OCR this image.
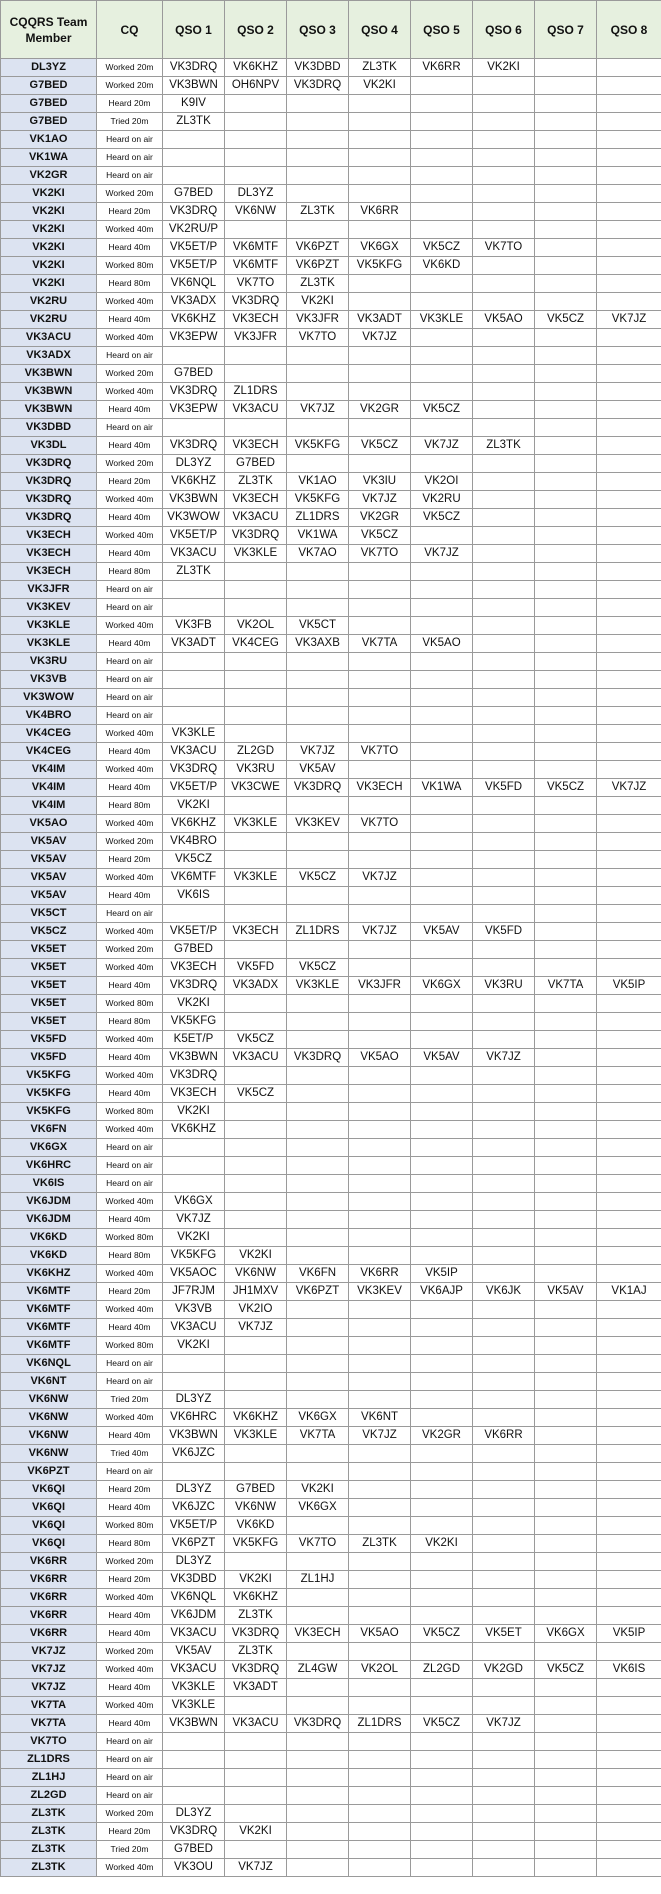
CQQRS Team Member	CQ	QSO 1	QSO 2	QSO 3	QSO 4	QSO 5	QSO 6	QSO 7	QSO 8
DL3YZ	Worked 20m	VK3DRQ	VK6KHZ	VK3DBD	ZL3TK	VK6RR	VK2KI		
G7BED	Worked 20m	VK3BWN	OH6NPV	VK3DRQ	VK2KI				
G7BED	Heard 20m	K9IV							
G7BED	Tried 20m	ZL3TK							
VK1AO	Heard on air								
VK1WA	Heard on air								
VK2GR	Heard on air								
VK2KI	Worked 20m	G7BED	DL3YZ						
VK2KI	Heard 20m	VK3DRQ	VK6NW	ZL3TK	VK6RR				
VK2KI	Worked 40m	VK2RU/P							
VK2KI	Heard 40m	VK5ET/P	VK6MTF	VK6PZT	VK6GX	VK5CZ	VK7TO		
VK2KI	Worked 80m	VK5ET/P	VK6MTF	VK6PZT	VK5KFG	VK6KD			
VK2KI	Heard 80m	VK6NQL	VK7TO	ZL3TK					
VK2RU	Worked 40m	VK3ADX	VK3DRQ	VK2KI					
VK2RU	Heard 40m	VK6KHZ	VK3ECH	VK3JFR	VK3ADT	VK3KLE	VK5AO	VK5CZ	VK7JZ
VK3ACU	Worked 40m	VK3EPW	VK3JFR	VK7TO	VK7JZ				
VK3ADX	Heard on air								
VK3BWN	Worked 20m	G7BED							
VK3BWN	Worked 40m	VK3DRQ	ZL1DRS						
VK3BWN	Heard 40m	VK3EPW	VK3ACU	VK7JZ	VK2GR	VK5CZ			
VK3DBD	Heard on air								
VK3DL	Heard 40m	VK3DRQ	VK3ECH	VK5KFG	VK5CZ	VK7JZ	ZL3TK		
VK3DRQ	Worked 20m	DL3YZ	G7BED						
VK3DRQ	Heard 20m	VK6KHZ	ZL3TK	VK1AO	VK3IU	VK2OI			
VK3DRQ	Worked 40m	VK3BWN	VK3ECH	VK5KFG	VK7JZ	VK2RU			
VK3DRQ	Heard 40m	VK3WOW	VK3ACU	ZL1DRS	VK2GR	VK5CZ			
VK3ECH	Worked 40m	VK5ET/P	VK3DRQ	VK1WA	VK5CZ				
VK3ECH	Heard 40m	VK3ACU	VK3KLE	VK7AO	VK7TO	VK7JZ			
VK3ECH	Heard 80m	ZL3TK							
VK3JFR	Heard on air								
VK3KEV	Heard on air								
VK3KLE	Worked 40m	VK3FB	VK2OL	VK5CT					
VK3KLE	Heard 40m	VK3ADT	VK4CEG	VK3AXB	VK7TA	VK5AO			
VK3RU	Heard on air								
VK3VB	Heard on air								
VK3WOW	Heard on air								
VK4BRO	Heard on air								
VK4CEG	Worked 40m	VK3KLE							
VK4CEG	Heard 40m	VK3ACU	ZL2GD	VK7JZ	VK7TO				
VK4IM	Worked 40m	VK3DRQ	VK3RU	VK5AV					
VK4IM	Heard 40m	VK5ET/P	VK3CWE	VK3DRQ	VK3ECH	VK1WA	VK5FD	VK5CZ	VK7JZ
VK4IM	Heard 80m	VK2KI							
VK5AO	Worked 40m	VK6KHZ	VK3KLE	VK3KEV	VK7TO				
VK5AV	Worked 20m	VK4BRO							
VK5AV	Heard 20m	VK5CZ							
VK5AV	Worked 40m	VK6MTF	VK3KLE	VK5CZ	VK7JZ				
VK5AV	Heard 40m	VK6IS							
VK5CT	Heard on air								
VK5CZ	Worked 40m	VK5ET/P	VK3ECH	ZL1DRS	VK7JZ	VK5AV	VK5FD		
VK5ET	Worked 20m	G7BED							
VK5ET	Worked 40m	VK3ECH	VK5FD	VK5CZ					
VK5ET	Heard 40m	VK3DRQ	VK3ADX	VK3KLE	VK3JFR	VK6GX	VK3RU	VK7TA	VK5IP
VK5ET	Worked 80m	VK2KI							
VK5ET	Heard 80m	VK5KFG							
VK5FD	Worked 40m	K5ET/P	VK5CZ						
VK5FD	Heard 40m	VK3BWN	VK3ACU	VK3DRQ	VK5AO	VK5AV	VK7JZ		
VK5KFG	Worked 40m	VK3DRQ							
VK5KFG	Heard 40m	VK3ECH	VK5CZ						
VK5KFG	Worked 80m	VK2KI							
VK6FN	Worked 40m	VK6KHZ							
VK6GX	Heard on air								
VK6HRC	Heard on air								
VK6IS	Heard on air								
VK6JDM	Worked 40m	VK6GX							
VK6JDM	Heard 40m	VK7JZ							
VK6KD	Worked 80m	VK2KI							
VK6KD	Heard 80m	VK5KFG	VK2KI						
VK6KHZ	Worked 40m	VK5AOC	VK6NW	VK6FN	VK6RR	VK5IP			
VK6MTF	Heard 20m	JF7RJM	JH1MXV	VK6PZT	VK3KEV	VK6AJP	VK6JK	VK5AV	VK1AJ
VK6MTF	Worked 40m	VK3VB	VK2IO						
VK6MTF	Heard 40m	VK3ACU	VK7JZ						
VK6MTF	Worked 80m	VK2KI							
VK6NQL	Heard on air								
VK6NT	Heard on air								
VK6NW	Tried 20m	DL3YZ							
VK6NW	Worked 40m	VK6HRC	VK6KHZ	VK6GX	VK6NT				
VK6NW	Heard 40m	VK3BWN	VK3KLE	VK7TA	VK7JZ	VK2GR	VK6RR		
VK6NW	Tried 40m	VK6JZC							
VK6PZT	Heard on air								
VK6QI	Heard 20m	DL3YZ	G7BED	VK2KI					
VK6QI	Heard 40m	VK6JZC	VK6NW	VK6GX					
VK6QI	Worked 80m	VK5ET/P	VK6KD						
VK6QI	Heard 80m	VK6PZT	VK5KFG	VK7TO	ZL3TK	VK2KI			
VK6RR	Worked 20m	DL3YZ							
VK6RR	Heard 20m	VK3DBD	VK2KI	ZL1HJ					
VK6RR	Worked 40m	VK6NQL	VK6KHZ						
VK6RR	Heard 40m	VK6JDM	ZL3TK						
VK6RR	Heard 40m	VK3ACU	VK3DRQ	VK3ECH	VK5AO	VK5CZ	VK5ET	VK6GX	VK5IP
VK7JZ	Worked 20m	VK5AV	ZL3TK						
VK7JZ	Worked 40m	VK3ACU	VK3DRQ	ZL4GW	VK2OL	ZL2GD	VK2GD	VK5CZ	VK6IS
VK7JZ	Heard 40m	VK3KLE	VK3ADT						
VK7TA	Worked 40m	VK3KLE							
VK7TA	Heard 40m	VK3BWN	VK3ACU	VK3DRQ	ZL1DRS	VK5CZ	VK7JZ		
VK7TO	Heard on air								
ZL1DRS	Heard on air								
ZL1HJ	Heard on air								
ZL2GD	Heard on air								
ZL3TK	Worked 20m	DL3YZ							
ZL3TK	Heard 20m	VK3DRQ	VK2KI						
ZL3TK	Tried 20m	G7BED							
ZL3TK	Worked 40m	VK3OU	VK7JZ						
